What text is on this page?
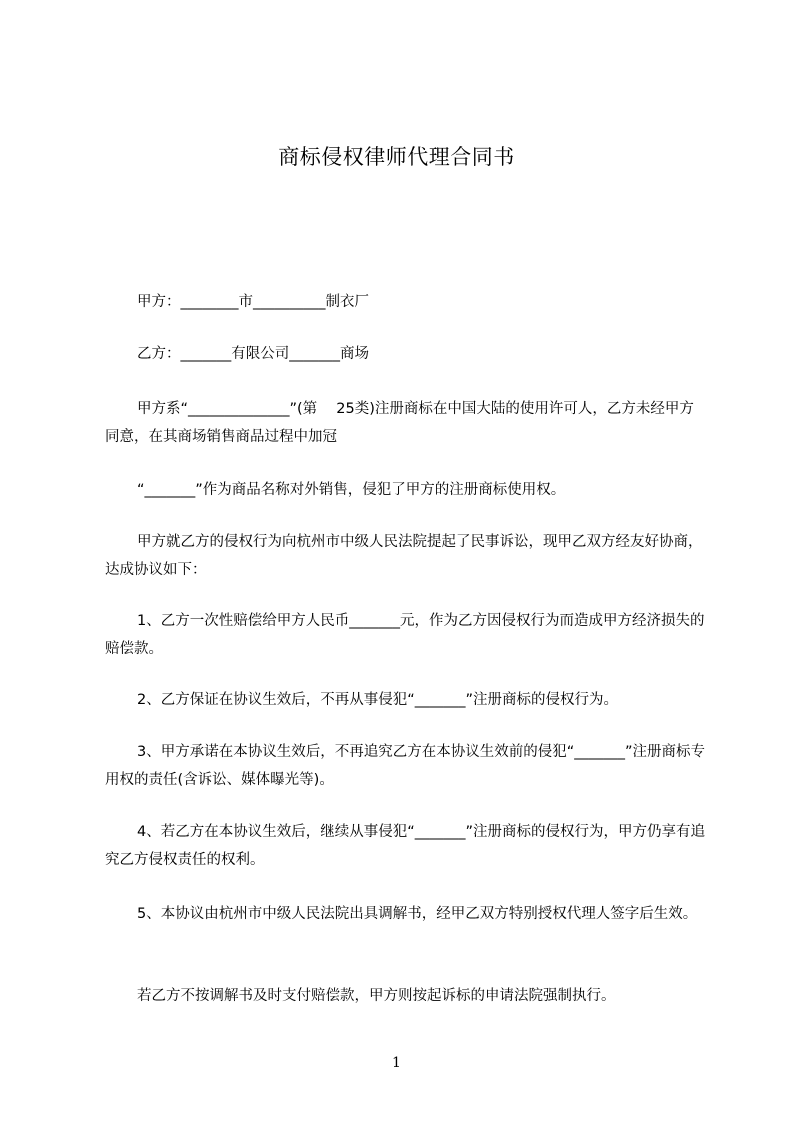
商标侵权律师代理合同书

甲方：________市__________制衣厂

乙方：_______有限公司_______商场

甲方系“______________”(第　 25类)注册商标在中国大陆的使用许可人，乙方未经甲方同意，在其商场销售商品过程中加冠

“_______”作为商品名称对外销售，侵犯了甲方的注册商标使用权。

甲方就乙方的侵权行为向杭州市中级人民法院提起了民事诉讼，现甲乙双方经友好协商，达成协议如下：

1、乙方一次性赔偿给甲方人民币_______元，作为乙方因侵权行为而造成甲方经济损失的赔偿款。

2、乙方保证在协议生效后，不再从事侵犯“_______”注册商标的侵权行为。

3、甲方承诺在本协议生效后，不再追究乙方在本协议生效前的侵犯“_______”注册商标专用权的责任(含诉讼、媒体曝光等)。

4、若乙方在本协议生效后，继续从事侵犯“_______”注册商标的侵权行为，甲方仍享有追究乙方侵权责任的权利。

5、本协议由杭州市中级人民法院出具调解书，经甲乙双方特别授权代理人签字后生效。

若乙方不按调解书及时支付赔偿款，甲方则按起诉标的申请法院强制执行。

1
